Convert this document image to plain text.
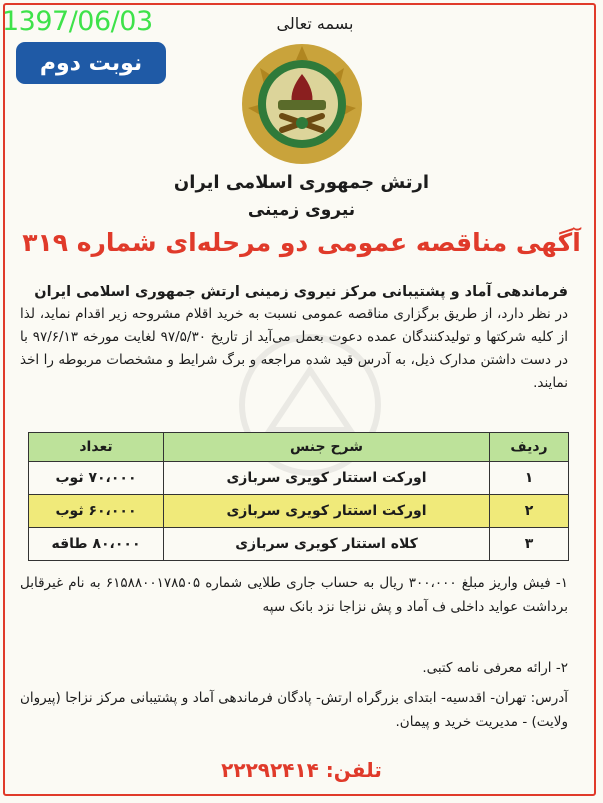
1397/06/03
نوبت دوم
بسمه تعالی
ارتش جمهوری اسلامی ایران
نیروی زمینی
آگهی مناقصه عمومی دو مرحله‌ای شماره ۳۱۹
فرماندهی آماد و پشتیبانی مرکز نیروی زمینی ارتش جمهوری اسلامی ایران
در نظر دارد، از طریق برگزاری مناقصه عمومی نسبت به خرید اقلام مشروحه زیر اقدام نماید، لذا از کلیه شرکتها و تولیدکنندگان عمده دعوت بعمل می‌آید از تاریخ ۹۷/۵/۳۰ لغایت مورخه ۹۷/۶/۱۳ با در دست داشتن مدارک ذیل، به آدرس قید شده مراجعه و برگ شرایط و مشخصات مربوطه را اخذ نمایند.
ردیف	شرح جنس	تعداد
۱	اورکت استتار کویری سربازی	۷۰،۰۰۰ ثوب
۲	اورکت استتار کویری سربازی	۶۰،۰۰۰ ثوب
۳	کلاه استتار کویری سربازی	۸۰،۰۰۰ طاقه
۱- فیش واریز مبلغ ۳۰۰،۰۰۰ ریال به حساب جاری طلایی شماره ۶۱۵۸۸۰۰۱۷۸۵۰۵ به نام غیرقابل برداشت عواید داخلی ف آماد و پش نزاجا نزد بانک سپه
۲- ارائه معرفی نامه کتبی.
آدرس: تهران- اقدسیه- ابتدای بزرگراه ارتش- پادگان فرماندهی آماد و پشتیبانی مرکز نزاجا (پیروان ولایت) - مدیریت خرید و پیمان.
تلفن: ۲۲۲۹۲۴۱۴
